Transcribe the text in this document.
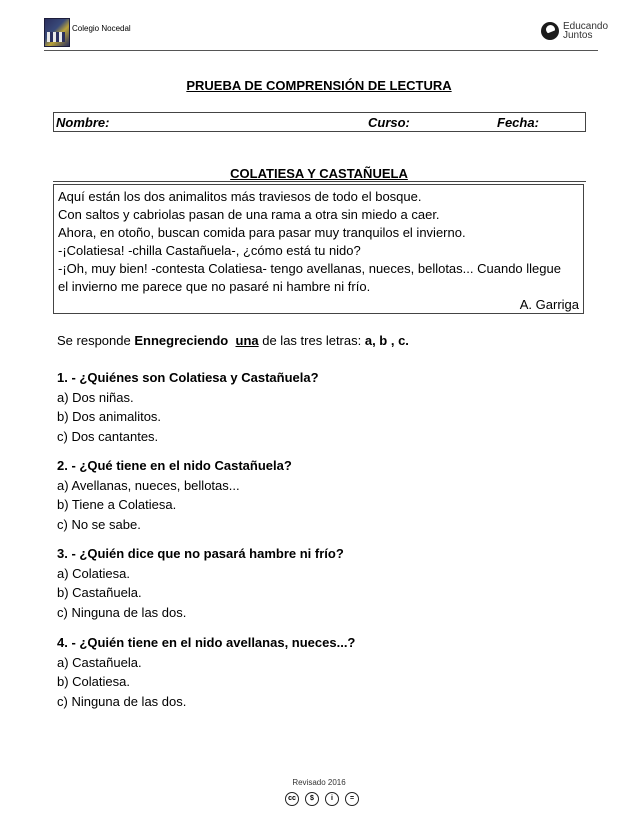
Colegio Nocedal	Educando
Juntos
PRUEBA DE COMPRENSIÓN DE LECTURA
Nombre:	Curso:	Fecha:
COLATIESA Y CASTAÑUELA
Aquí están los dos animalitos más traviesos de todo el bosque.
Con saltos y cabriolas pasan de una rama a otra sin miedo a caer.
Ahora, en otoño, buscan comida para pasar muy tranquilos el invierno.
-¡Colatiesa! -chilla Castañuela-, ¿cómo está tu nido?
-¡Oh, muy bien! -contesta Colatiesa- tengo avellanas, nueces, bellotas... Cuando llegue
el invierno me parece que no pasaré ni hambre ni frío.
A. Garriga
Se responde Ennegreciendo una de las tres letras: a, b , c.
1. - ¿Quiénes son Colatiesa y Castañuela?
a) Dos niñas.
b) Dos animalitos.
c) Dos cantantes.
2. - ¿Qué tiene en el nido Castañuela?
a) Avellanas, nueces, bellotas...
b) Tiene a Colatiesa.
c) No se sabe.
3. - ¿Quién dice que no pasará hambre ni frío?
a) Colatiesa.
b) Castañuela.
c) Ninguna de las dos.
4. - ¿Quién tiene en el nido avellanas, nueces...?
a) Castañuela.
b) Colatiesa.
c) Ninguna de las dos.
Revisado 2016
cc	$	i	=
